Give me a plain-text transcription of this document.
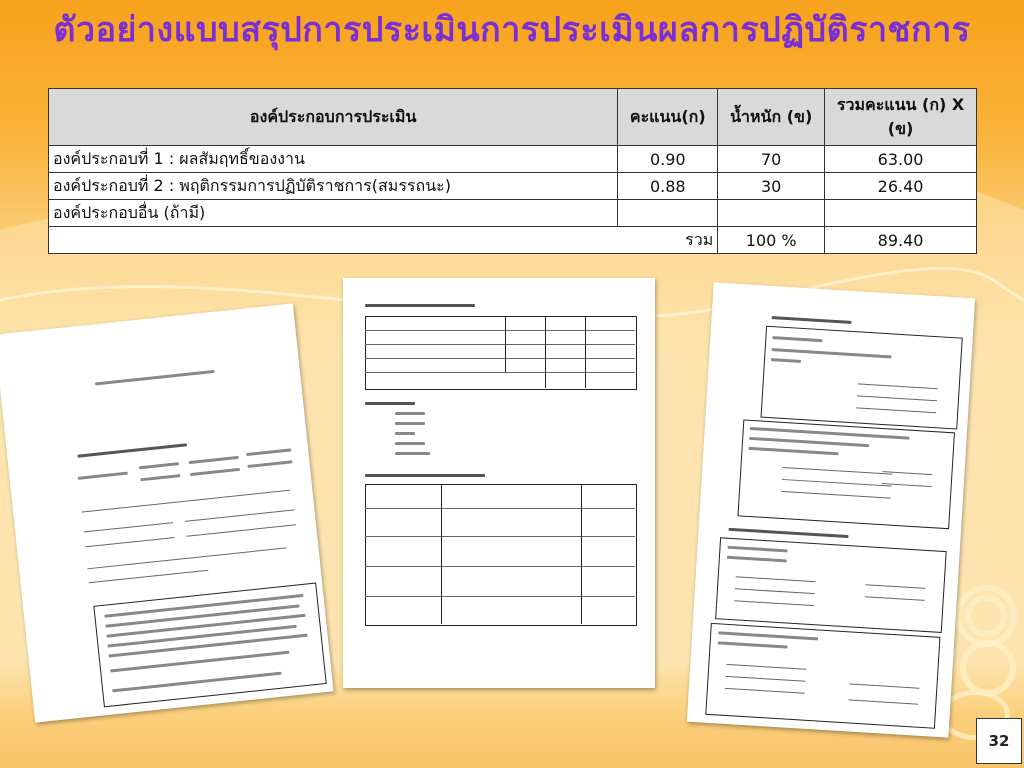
ตัวอย่างแบบสรุปการประเมินการประเมินผลการปฏิบัติราชการ
องค์ประกอบการประเมิน	คะแนน(ก)	น้ำหนัก (ข)	รวมคะแนน (ก) X (ข)
องค์ประกอบที่ 1 : ผลสัมฤทธิ์ของงาน	0.90	70	63.00
องค์ประกอบที่ 2 : พฤติกรรมการปฏิบัติราชการ(สมรรถนะ)	0.88	30	26.40
องค์ประกอบอื่น (ถ้ามี)			
รวม		100 %	89.40
32
